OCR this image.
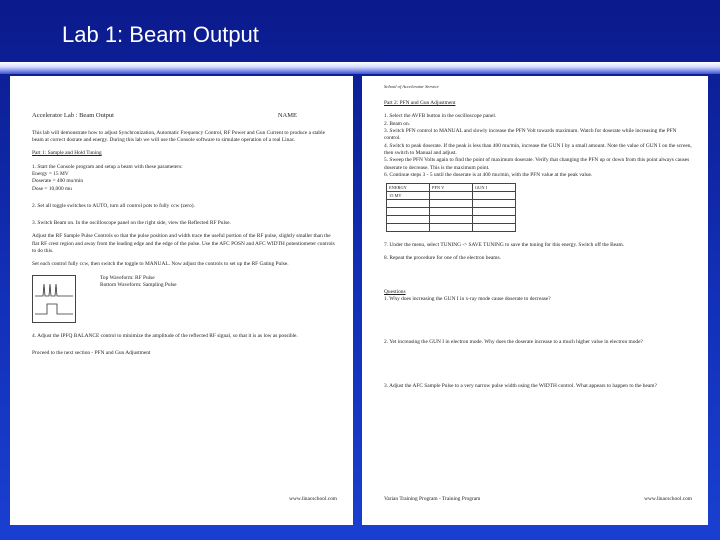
Lab 1: Beam Output
Accelerator Lab : Beam Output	NAME

This lab will demonstrate how to adjust Synchronization, Automatic Frequency Control, RF Power and Gun Current to produce a stable beam at correct dosrate and energy. During this lab we will use the Console software to simulate operation of a real Linac.

Part 1: Sample and Hold Tuning

1. Start the Console program and setup a beam with these parameters:

Energy = 15 MV

Doserate = 400 mu/min

Dose = 10,000 mu

2. Set all toggle switches to AUTO, turn all control pots to fully ccw (zero).

3. Switch Beam on. In the oscilloscope panel on the right side, view the Reflected RF Pulse.

Adjust the RF Sample Pulse Controls so that the pulse position and width trace the useful portion of the RF pulse, slightly smaller than the flat RF crest region and away from the leading edge and the edge of the pulse. Use the AFC POSN and AFC WIDTH potentiometer controls to do this.

Set each control fully ccw, then switch the toggle to MANUAL. Now adjust the controls to set up the RF Gating Pulse.

Top Waveform: RF Pulse

Bottom Waveform: Sampling Pulse

4. Adjust the IPFQ BALANCE control to minimize the amplitude of the reflected RF signal, so that it is as low as possible.

Proceed to the next section - PFN and Gun Adjustment

www.linacschool.com

School of Accelerator Service

Part 2: PFN and Gun Adjustment

1. Select the AVFB button in the oscilloscope panel.

2. Beam on.

3. Switch PFN control to MANUAL and slowly increase the PFN Volt towards maximum. Watch for doserate while increasing the PFN control.

4. Switch to peak doserate. If the peak is less than 400 mu/min, increase the GUN I by a small amount. Note the value of GUN I on the screen, then switch to Manual and adjust.

5. Sweep the PFN Volts again to find the point of maximum doserate. Verify that changing the PFN up or down from this point always causes doserate to decrease. This is the maximum point.

6. Continue steps 3 - 5 until the doserate is at 400 mu/min, with the PFN value at the peak value.

ENERGY	PFN V	GUN I
15 MV		

7. Under the menu, select TUNING -> SAVE TUNING to save the tuning for this energy. Switch off the Beam.

8. Repeat the procedure for one of the electron beams.

Questions

1. Why does increasing the GUN I in x-ray mode cause doserate to decrease?

2. Yet increasing the GUN I in electron mode. Why does the doserate increase to a much higher value in electron mode?

3. Adjust the AFC Sample Pulse to a very narrow pulse width using the WIDTH control. What appears to happen to the beam?

Varian Training Program - Training Program	www.linacschool.com
